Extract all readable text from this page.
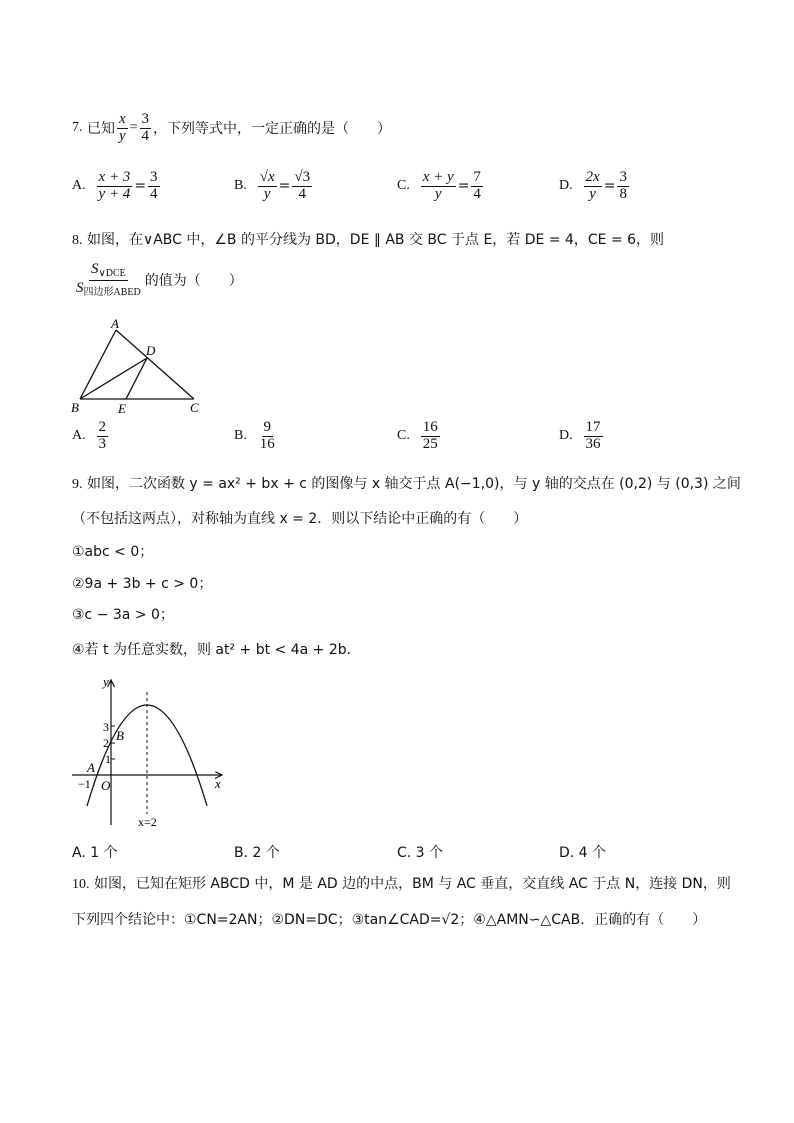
7.
已知 $\frac{x}{y} = \frac{3}{4}$ ，下列等式中，一定正确的是（　　）
A.
$\frac{x + 3}{y + 4} = \frac{3}{4}$	B.
$\frac{√x}{y} = \frac{√3}{4}$	C.
$\frac{x + y}{y} = \frac{7}{4}$	D.
$\frac{2x}{y} = \frac{3}{8}$
8. 如图，在∨ABC 中，∠B 的平分线为 BD，DE ∥ AB 交 BC 于点 E，若 DE = 4，CE = 6，则
$\frac{S_{\vee DCE}}{S_{四边形ABED}}$ 的值为（　　）
A
B	C
D
E
A.
$\frac{2}{3}$	B.
$\frac{9}{16}$	C.
$\frac{16}{25}$	D.
$\frac{17}{36}$
9. 如图，二次函数 y = ax² + bx + c 的图像与 x 轴交于点 A(−1,0)，与 y 轴的交点在 (0,2) 与 (0,3) 之间
（不包括这两点），对称轴为直线 x = 2．则以下结论中正确的有（　　）
①abc < 0；
②9a + 3b + c > 0；
③c − 3a > 0；
④若 t 为任意实数，则 at² + bt < 4a + 2b．
y
x
O
3
2
1
−1
A
B
x=2
A. 1 个	B. 2 个	C. 3 个	D. 4 个
10. 如图，已知在矩形 ABCD 中，M 是 AD 边的中点，BM 与 AC 垂直，交直线 AC 于点 N，连接 DN，则
下列四个结论中：①CN=2AN；②DN=DC；③tan∠CAD=√2；④△AMN∽△CAB．正确的有（　　）
